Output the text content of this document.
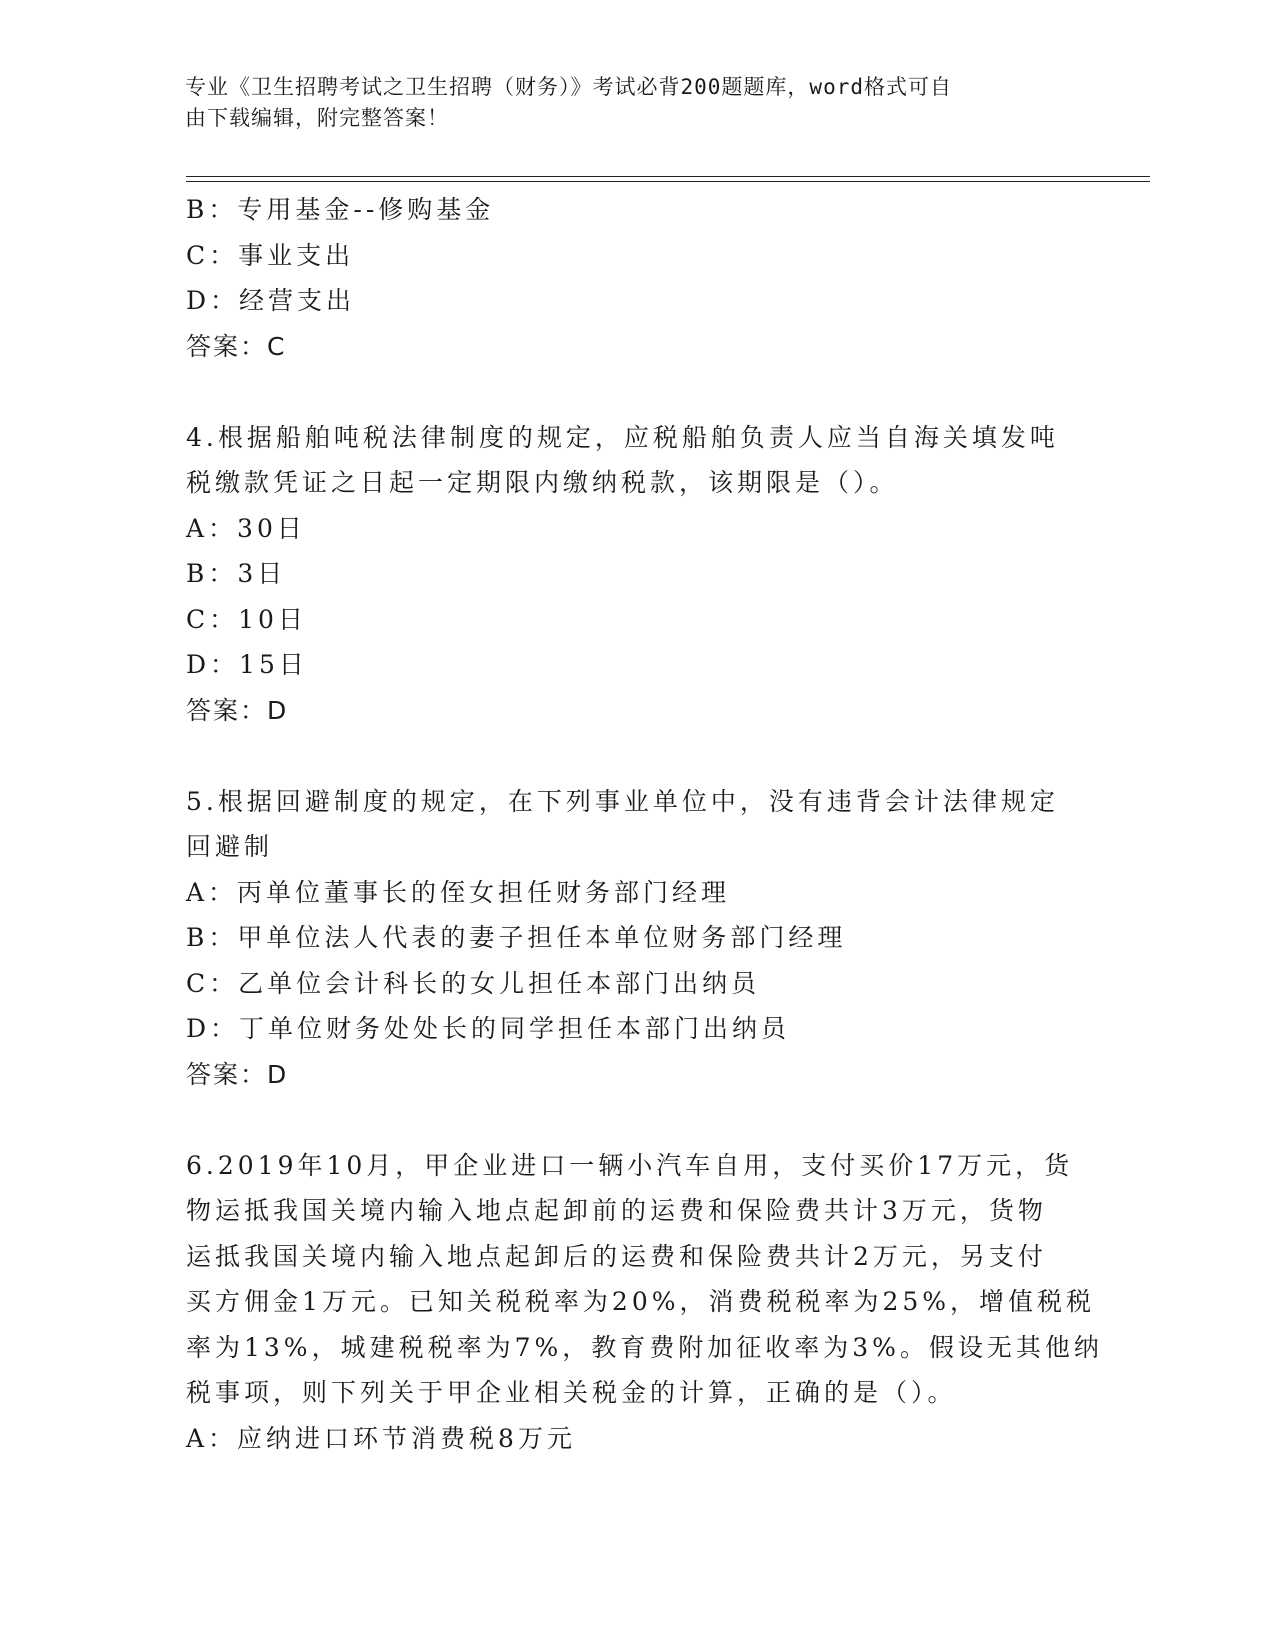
专业《卫生招聘考试之卫生招聘（财务）》考试必背200题题库，word格式可自
由下载编辑，附完整答案！
B：专用基金--修购基金
C：事业支出
D：经营支出
答案：C
4.根据船舶吨税法律制度的规定，应税船舶负责人应当自海关填发吨
税缴款凭证之日起一定期限内缴纳税款，该期限是（）。
A：30日
B：3日
C：10日
D：15日
答案：D
5.根据回避制度的规定，在下列事业单位中，没有违背会计法律规定
回避制
A：丙单位董事长的侄女担任财务部门经理
B：甲单位法人代表的妻子担任本单位财务部门经理
C：乙单位会计科长的女儿担任本部门出纳员
D：丁单位财务处处长的同学担任本部门出纳员
答案：D
6.2019年10月，甲企业进口一辆小汽车自用，支付买价17万元，货
物运抵我国关境内输入地点起卸前的运费和保险费共计3万元，货物
运抵我国关境内输入地点起卸后的运费和保险费共计2万元，另支付
买方佣金1万元。已知关税税率为20%，消费税税率为25%，增值税税
率为13%，城建税税率为7%，教育费附加征收率为3%。假设无其他纳
税事项，则下列关于甲企业相关税金的计算，正确的是（）。
A：应纳进口环节消费税8万元
